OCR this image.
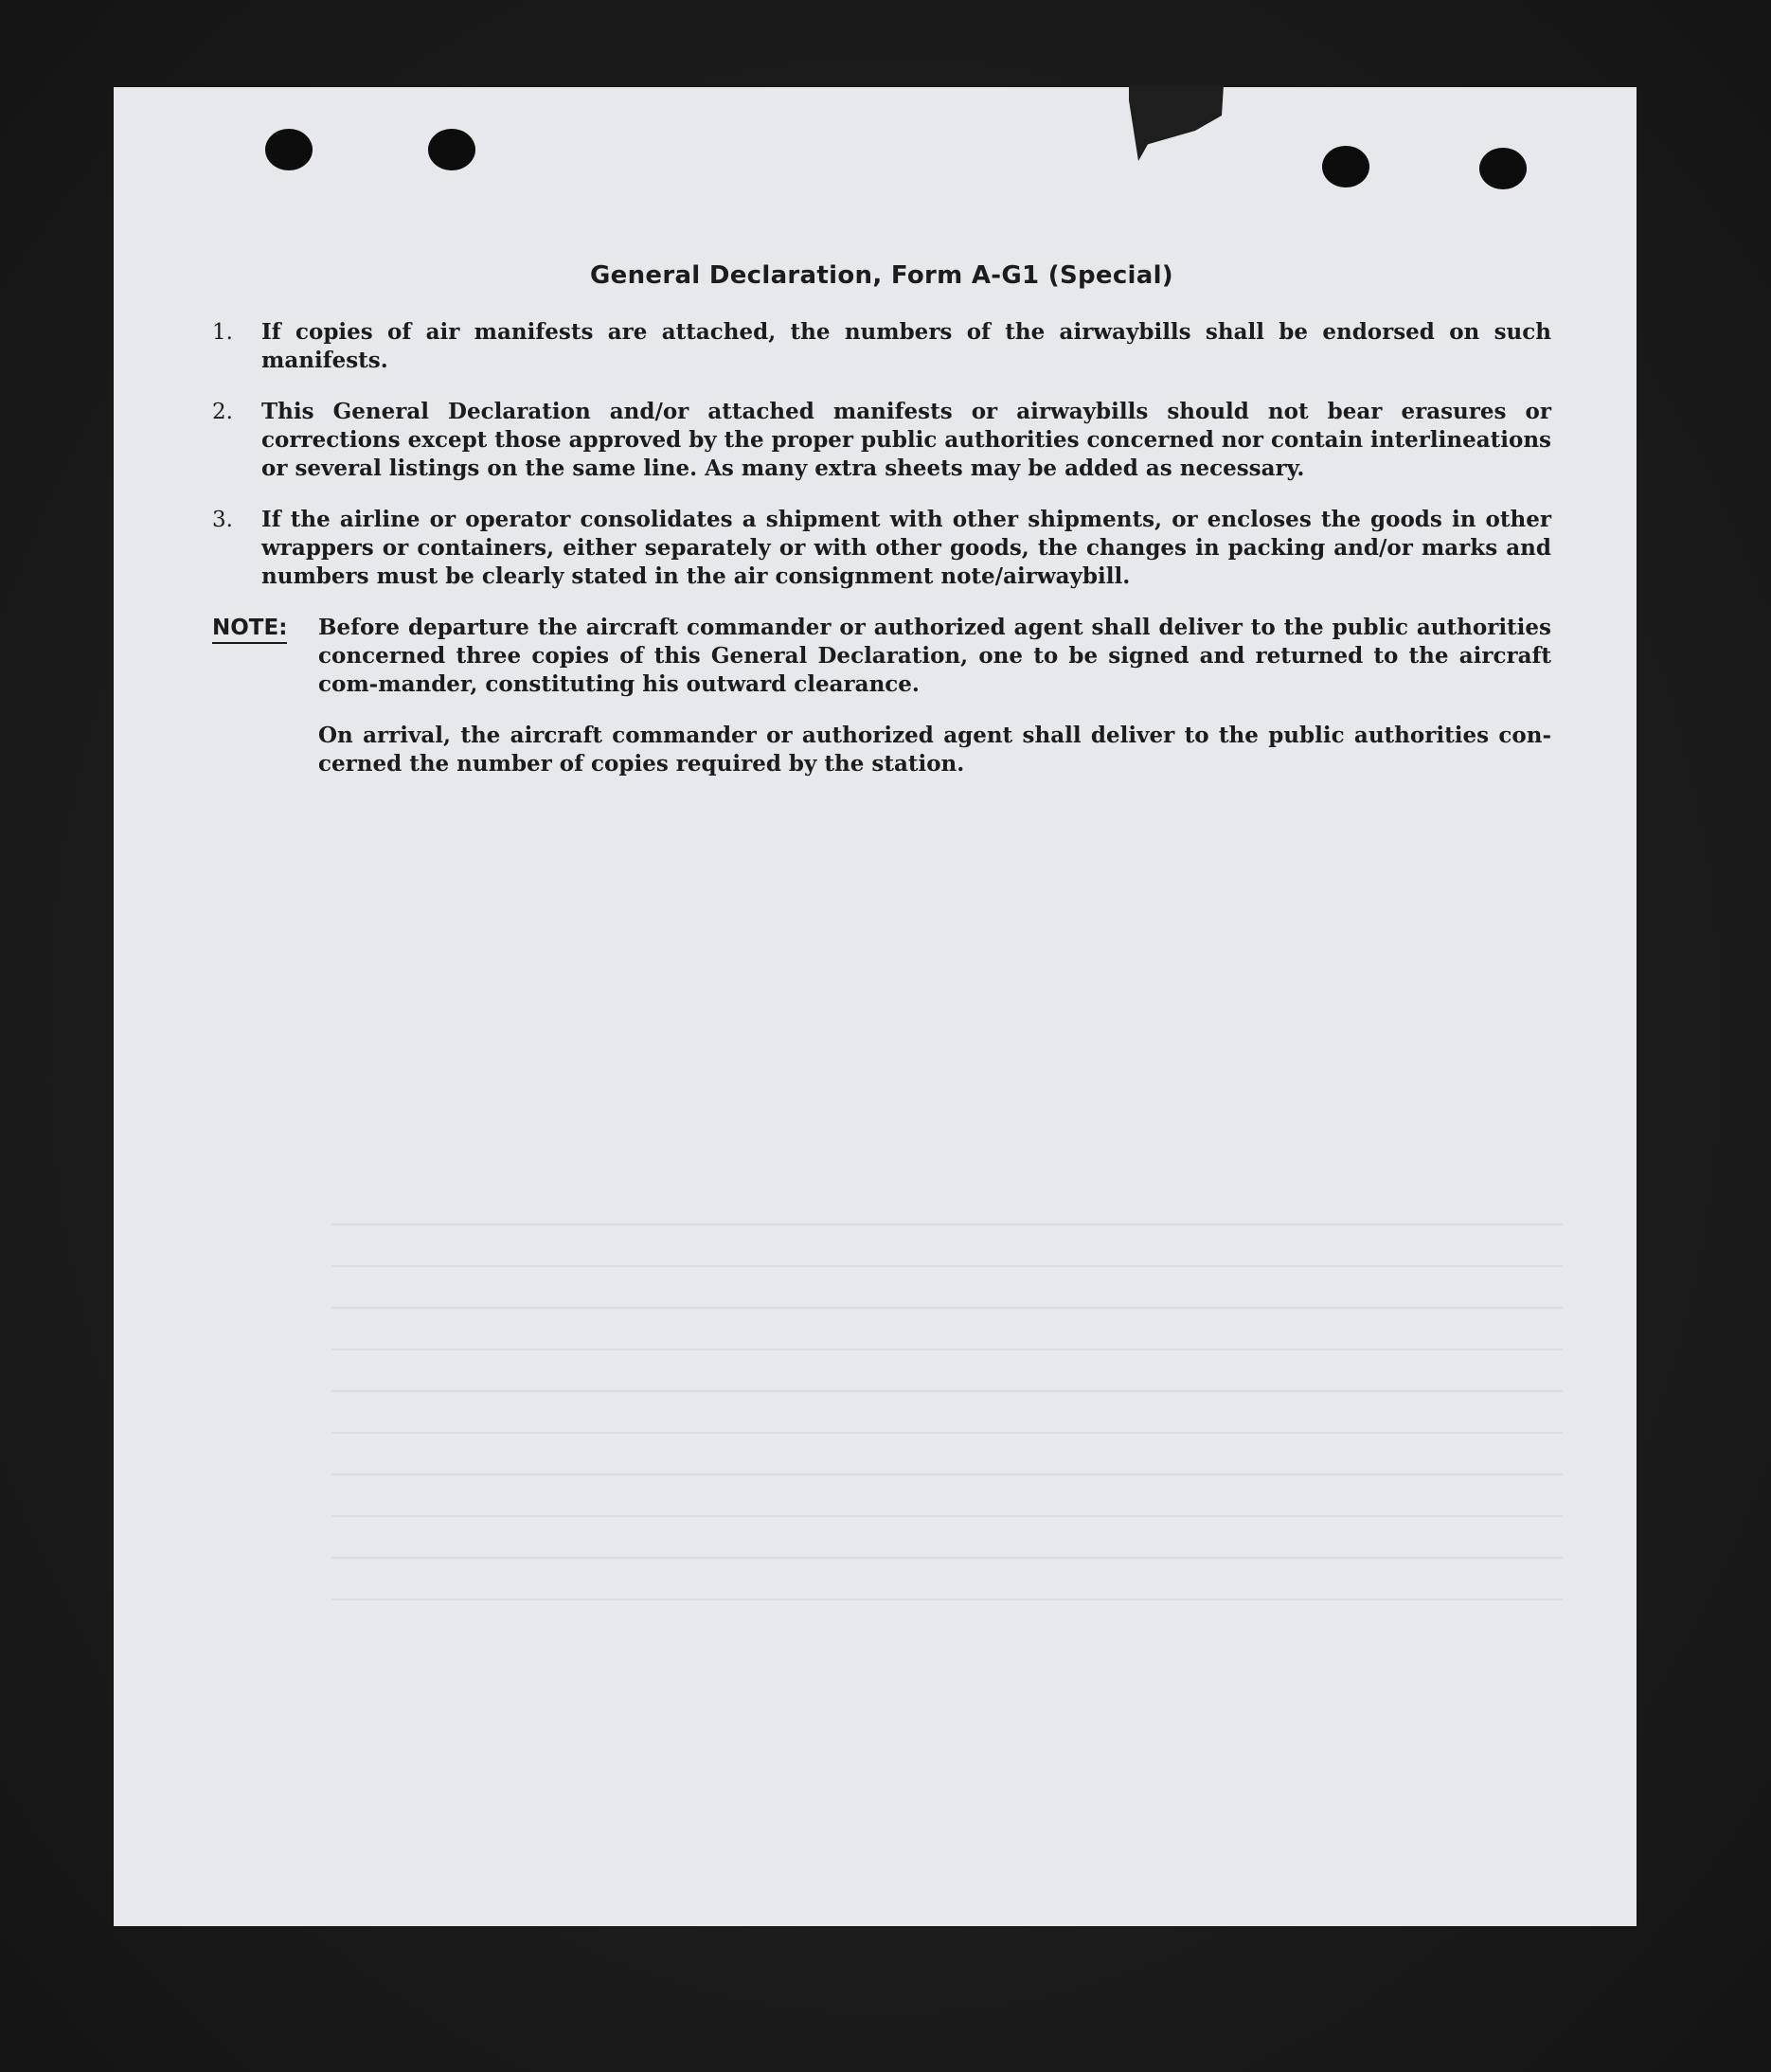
General Declaration, Form A-G1 (Special)
1.	If copies of air manifests are attached, the numbers of the airwaybills shall be endorsed on such manifests.
2.	This General Declaration and/or attached manifests or airwaybills should not bear erasures or corrections except those approved by the proper public authorities concerned nor contain interlineations or several listings on the same line. As many extra sheets may be added as necessary.
3.	If the airline or operator consolidates a shipment with other shipments, or encloses the goods in other wrappers or containers, either separately or with other goods, the changes in packing and/or marks and numbers must be clearly stated in the air consignment note/airwaybill.
NOTE:	Before departure the aircraft commander or authorized agent shall deliver to the public authorities concerned three copies of this General Declaration, one to be signed and returned to the aircraft com-mander, constituting his outward clearance.
On arrival, the aircraft commander or authorized agent shall deliver to the public authorities con-cerned the number of copies required by the station.
